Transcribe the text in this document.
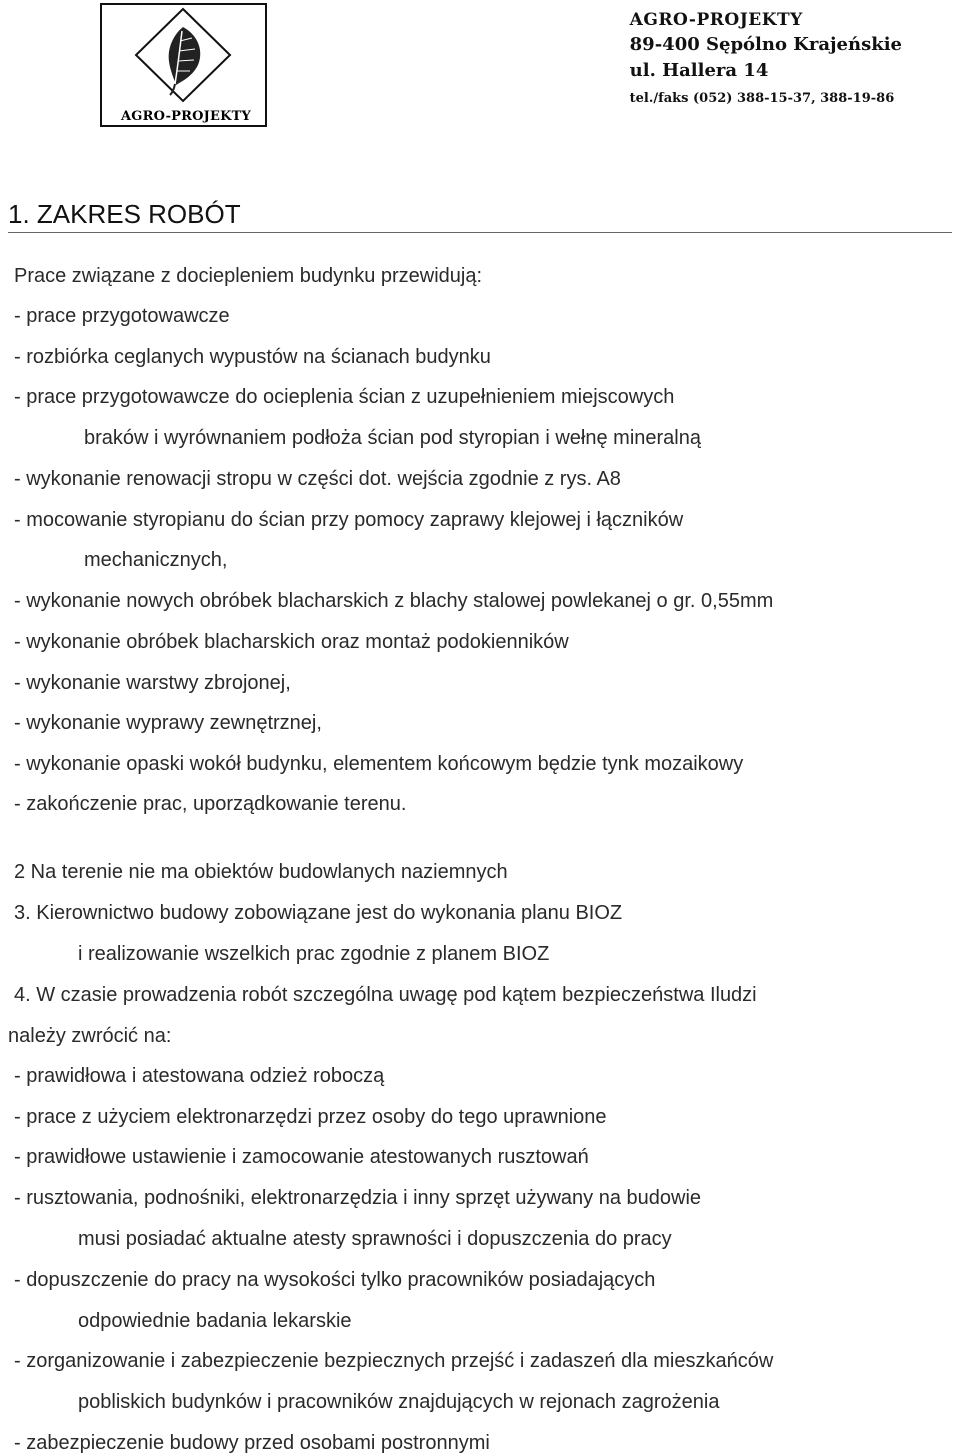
AGRO-PROJEKTY
AGRO-PROJEKTY
89-400 Sępólno Krajeńskie
ul. Hallera 14
tel./faks (052) 388-15-37, 388-19-86
1. ZAKRES ROBÓT
Prace związane z dociepleniem budynku przewidują:
- prace przygotowawcze
- rozbiórka ceglanych wypustów na ścianach budynku
- prace przygotowawcze do ocieplenia ścian z uzupełnieniem miejscowych
braków i wyrównaniem podłoża ścian pod styropian i wełnę mineralną
- wykonanie renowacji stropu w części dot. wejścia zgodnie z rys. A8
- mocowanie styropianu do ścian przy pomocy zaprawy klejowej i łączników
mechanicznych,
- wykonanie nowych obróbek blacharskich z blachy stalowej powlekanej o gr. 0,55mm
- wykonanie obróbek blacharskich oraz montaż podokienników
- wykonanie warstwy zbrojonej,
- wykonanie wyprawy zewnętrznej,
- wykonanie opaski wokół budynku, elementem końcowym będzie tynk mozaikowy
- zakończenie prac, uporządkowanie terenu.
2 Na terenie nie ma obiektów budowlanych naziemnych
3. Kierownictwo budowy zobowiązane jest do wykonania planu BIOZ
i realizowanie wszelkich prac zgodnie z planem BIOZ
4. W czasie prowadzenia robót szczególna uwagę pod kątem bezpieczeństwa Iludzi
należy zwrócić na:
- prawidłowa i atestowana odzież roboczą
- prace z użyciem elektronarzędzi przez osoby do tego uprawnione
- prawidłowe ustawienie i zamocowanie atestowanych rusztowań
- rusztowania, podnośniki, elektronarzędzia i inny sprzęt używany na budowie
musi posiadać aktualne atesty sprawności i dopuszczenia do pracy
- dopuszczenie do pracy na wysokości tylko pracowników posiadających
odpowiednie badania lekarskie
- zorganizowanie i zabezpieczenie bezpiecznych przejść i zadaszeń dla mieszkańców
pobliskich budynków i pracowników znajdujących w rejonach zagrożenia
- zabezpieczenie budowy przed osobami postronnymi
